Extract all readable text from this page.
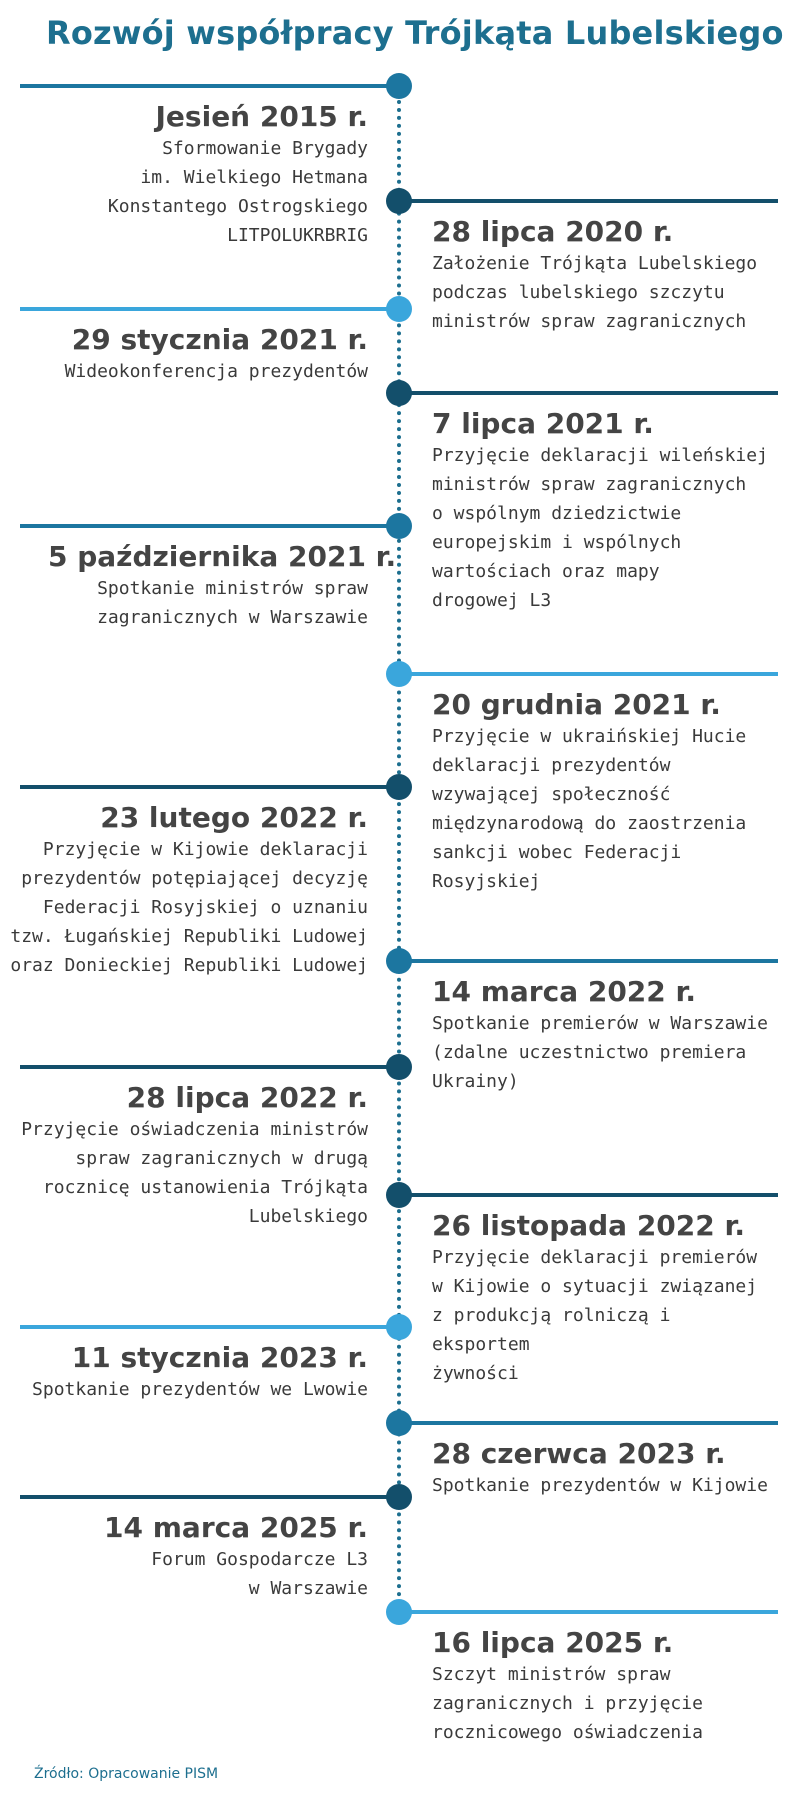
Rozwój współpracy Trójkąta Lubelskiego
Jesień 2015 r.
Sformowanie Brygady
im. Wielkiego Hetmana
Konstantego Ostrogskiego
LITPOLUKRBRIG 28 lipca 2020 r.
Założenie Trójkąta Lubelskiego
podczas lubelskiego szczytu
ministrów spraw zagranicznych
29 stycznia 2021 r.
Wideokonferencja prezydentów
7 lipca 2021 r.
Przyjęcie deklaracji wileńskiej
ministrów spraw zagranicznych
o wspólnym dziedzictwie
europejskim i wspólnych
wartościach oraz mapy
drogowej L3
5 października 2021 r.
Spotkanie ministrów spraw
zagranicznych w Warszawie
20 grudnia 2021 r.
Przyjęcie w ukraińskiej Hucie
deklaracji prezydentów
wzywającej społeczność
międzynarodową do zaostrzenia
sankcji wobec Federacji
Rosyjskiej
23 lutego 2022 r.
Przyjęcie w Kijowie deklaracji
prezydentów potępiającej decyzję
Federacji Rosyjskiej o uznaniu
tzw. Ługańskiej Republiki Ludowej
oraz Donieckiej Republiki Ludowej
14 marca 2022 r.
Spotkanie premierów w Warszawie
(zdalne uczestnictwo premiera
Ukrainy)
28 lipca 2022 r.
Przyjęcie oświadczenia ministrów
spraw zagranicznych w drugą
rocznicę ustanowienia Trójkąta
Lubelskiego 26 listopada 2022 r.
Przyjęcie deklaracji premierów
w Kijowie o sytuacji związanej
z produkcją rolniczą i eksportem
żywności
11 stycznia 2023 r.
Spotkanie prezydentów we Lwowie
28 czerwca 2023 r.
Spotkanie prezydentów w Kijowie
14 marca 2025 r.
Forum Gospodarcze L3
w Warszawie
16 lipca 2025 r.
Szczyt ministrów spraw
zagranicznych i przyjęcie
rocznicowego oświadczenia
Źródło: Opracowanie PISM
